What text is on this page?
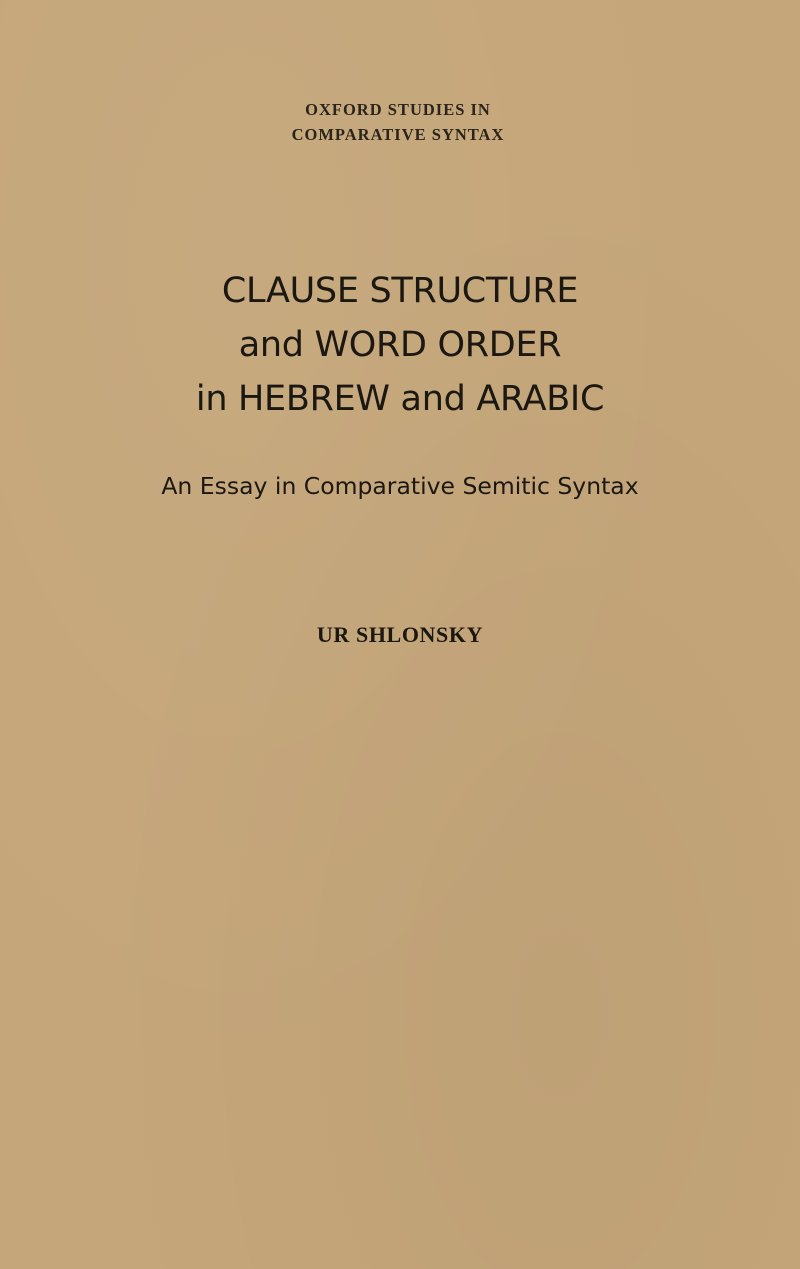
OXFORD STUDIES IN
COMPARATIVE SYNTAX
CLAUSE STRUCTURE
and WORD ORDER
in HEBREW and ARABIC
An Essay in Comparative Semitic Syntax
UR SHLONSKY
